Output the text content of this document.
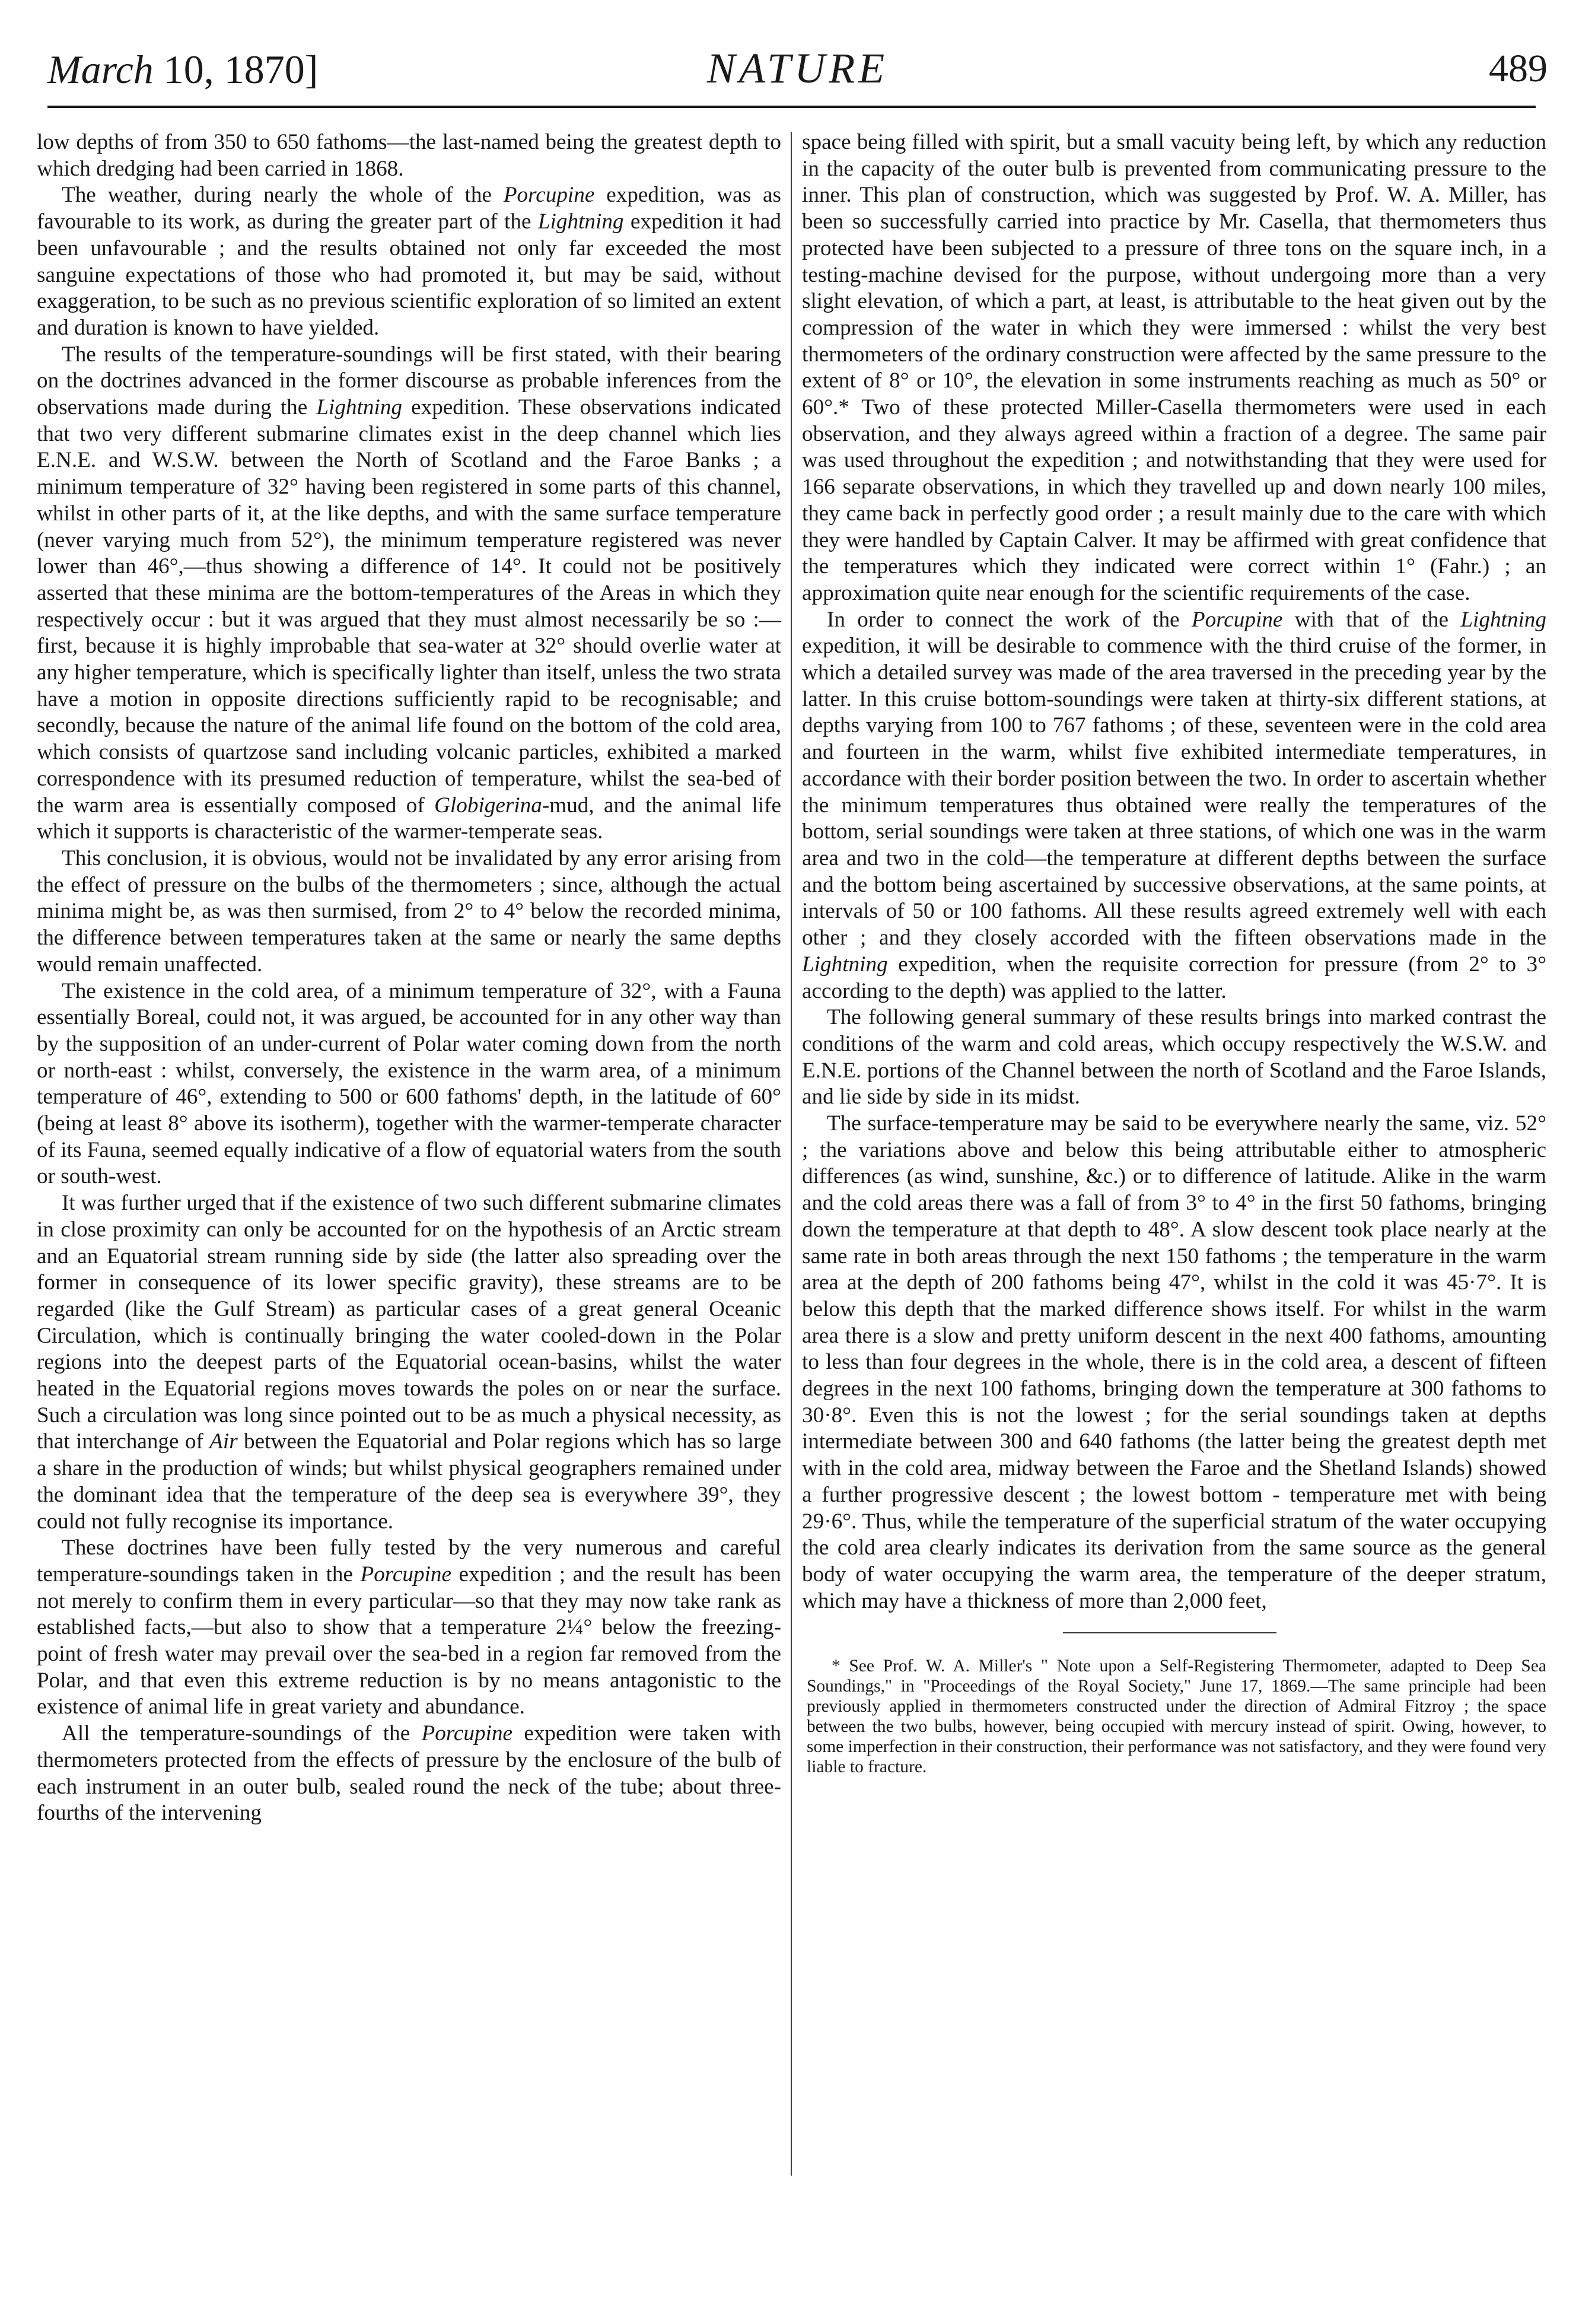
March 10, 1870]	NATURE	489

low depths of from 350 to 650 fathoms—the last-named being the greatest depth to which dredging had been carried in 1868.

The weather, during nearly the whole of the Porcupine expedition, was as favourable to its work, as during the greater part of the Lightning expedition it had been unfavourable ; and the results obtained not only far exceeded the most sanguine expectations of those who had promoted it, but may be said, without exaggeration, to be such as no previous scientific exploration of so limited an extent and duration is known to have yielded.

The results of the temperature-soundings will be first stated, with their bearing on the doctrines advanced in the former discourse as probable inferences from the observations made during the Lightning expedition. These observations indicated that two very different submarine climates exist in the deep channel which lies E.N.E. and W.S.W. between the North of Scotland and the Faroe Banks ; a minimum temperature of 32° having been registered in some parts of this channel, whilst in other parts of it, at the like depths, and with the same surface temperature (never varying much from 52°), the minimum temperature registered was never lower than 46°,—thus showing a difference of 14°. It could not be positively asserted that these minima are the bottom-temperatures of the Areas in which they respectively occur : but it was argued that they must almost necessarily be so :—first, because it is highly improbable that sea-water at 32° should overlie water at any higher temperature, which is specifically lighter than itself, unless the two strata have a motion in opposite directions sufficiently rapid to be recognisable; and secondly, because the nature of the animal life found on the bottom of the cold area, which consists of quartzose sand including volcanic particles, exhibited a marked correspondence with its presumed reduction of temperature, whilst the sea-bed of the warm area is essentially composed of Globigerina-mud, and the animal life which it supports is characteristic of the warmer-temperate seas.

This conclusion, it is obvious, would not be invalidated by any error arising from the effect of pressure on the bulbs of the thermometers ; since, although the actual minima might be, as was then surmised, from 2° to 4° below the recorded minima, the difference between temperatures taken at the same or nearly the same depths would remain unaffected.

The existence in the cold area, of a minimum temperature of 32°, with a Fauna essentially Boreal, could not, it was argued, be accounted for in any other way than by the supposition of an under-current of Polar water coming down from the north or north-east : whilst, conversely, the existence in the warm area, of a minimum temperature of 46°, extending to 500 or 600 fathoms' depth, in the latitude of 60° (being at least 8° above its isotherm), together with the warmer-temperate character of its Fauna, seemed equally indicative of a flow of equatorial waters from the south or south-west.

It was further urged that if the existence of two such different submarine climates in close proximity can only be accounted for on the hypothesis of an Arctic stream and an Equatorial stream running side by side (the latter also spreading over the former in consequence of its lower specific gravity), these streams are to be regarded (like the Gulf Stream) as particular cases of a great general Oceanic Circulation, which is continually bringing the water cooled-down in the Polar regions into the deepest parts of the Equatorial ocean-basins, whilst the water heated in the Equatorial regions moves towards the poles on or near the surface. Such a circulation was long since pointed out to be as much a physical necessity, as that interchange of Air between the Equatorial and Polar regions which has so large a share in the production of winds; but whilst physical geographers remained under the dominant idea that the temperature of the deep sea is everywhere 39°, they could not fully recognise its importance.

These doctrines have been fully tested by the very numerous and careful temperature-soundings taken in the Porcupine expedition ; and the result has been not merely to confirm them in every particular—so that they may now take rank as established facts,—but also to show that a temperature 2¼° below the freezing-point of fresh water may prevail over the sea-bed in a region far removed from the Polar, and that even this extreme reduction is by no means antagonistic to the existence of animal life in great variety and abundance.

All the temperature-soundings of the Porcupine expedition were taken with thermometers protected from the effects of pressure by the enclosure of the bulb of each instrument in an outer bulb, sealed round the neck of the tube; about three-fourths of the intervening

space being filled with spirit, but a small vacuity being left, by which any reduction in the capacity of the outer bulb is prevented from communicating pressure to the inner. This plan of construction, which was suggested by Prof. W. A. Miller, has been so successfully carried into practice by Mr. Casella, that thermometers thus protected have been subjected to a pressure of three tons on the square inch, in a testing-machine devised for the purpose, without undergoing more than a very slight elevation, of which a part, at least, is attributable to the heat given out by the compression of the water in which they were immersed : whilst the very best thermometers of the ordinary construction were affected by the same pressure to the extent of 8° or 10°, the elevation in some instruments reaching as much as 50° or 60°.* Two of these protected Miller-Casella thermometers were used in each observation, and they always agreed within a fraction of a degree. The same pair was used throughout the expedition ; and notwithstanding that they were used for 166 separate observations, in which they travelled up and down nearly 100 miles, they came back in perfectly good order ; a result mainly due to the care with which they were handled by Captain Calver. It may be affirmed with great confidence that the temperatures which they indicated were correct within 1° (Fahr.) ; an approximation quite near enough for the scientific requirements of the case.

In order to connect the work of the Porcupine with that of the Lightning expedition, it will be desirable to commence with the third cruise of the former, in which a detailed survey was made of the area traversed in the preceding year by the latter. In this cruise bottom-soundings were taken at thirty-six different stations, at depths varying from 100 to 767 fathoms ; of these, seventeen were in the cold area and fourteen in the warm, whilst five exhibited intermediate temperatures, in accordance with their border position between the two. In order to ascertain whether the minimum temperatures thus obtained were really the temperatures of the bottom, serial soundings were taken at three stations, of which one was in the warm area and two in the cold—the temperature at different depths between the surface and the bottom being ascertained by successive observations, at the same points, at intervals of 50 or 100 fathoms. All these results agreed extremely well with each other ; and they closely accorded with the fifteen observations made in the Lightning expedition, when the requisite correction for pressure (from 2° to 3° according to the depth) was applied to the latter.

The following general summary of these results brings into marked contrast the conditions of the warm and cold areas, which occupy respectively the W.S.W. and E.N.E. portions of the Channel between the north of Scotland and the Faroe Islands, and lie side by side in its midst.

The surface-temperature may be said to be everywhere nearly the same, viz. 52° ; the variations above and below this being attributable either to atmospheric differences (as wind, sunshine, &c.) or to difference of latitude. Alike in the warm and the cold areas there was a fall of from 3° to 4° in the first 50 fathoms, bringing down the temperature at that depth to 48°. A slow descent took place nearly at the same rate in both areas through the next 150 fathoms ; the temperature in the warm area at the depth of 200 fathoms being 47°, whilst in the cold it was 45·7°. It is below this depth that the marked difference shows itself. For whilst in the warm area there is a slow and pretty uniform descent in the next 400 fathoms, amounting to less than four degrees in the whole, there is in the cold area, a descent of fifteen degrees in the next 100 fathoms, bringing down the temperature at 300 fathoms to 30·8°. Even this is not the lowest ; for the serial soundings taken at depths intermediate between 300 and 640 fathoms (the latter being the greatest depth met with in the cold area, midway between the Faroe and the Shetland Islands) showed a further progressive descent ; the lowest bottom - temperature met with being 29·6°. Thus, while the temperature of the superficial stratum of the water occupying the cold area clearly indicates its derivation from the same source as the general body of water occupying the warm area, the temperature of the deeper stratum, which may have a thickness of more than 2,000 feet,

* See Prof. W. A. Miller's " Note upon a Self-Registering Thermometer, adapted to Deep Sea Soundings," in "Proceedings of the Royal Society," June 17, 1869.—The same principle had been previously applied in thermometers constructed under the direction of Admiral Fitzroy ; the space between the two bulbs, however, being occupied with mercury instead of spirit. Owing, however, to some imperfection in their construction, their performance was not satisfactory, and they were found very liable to fracture.
